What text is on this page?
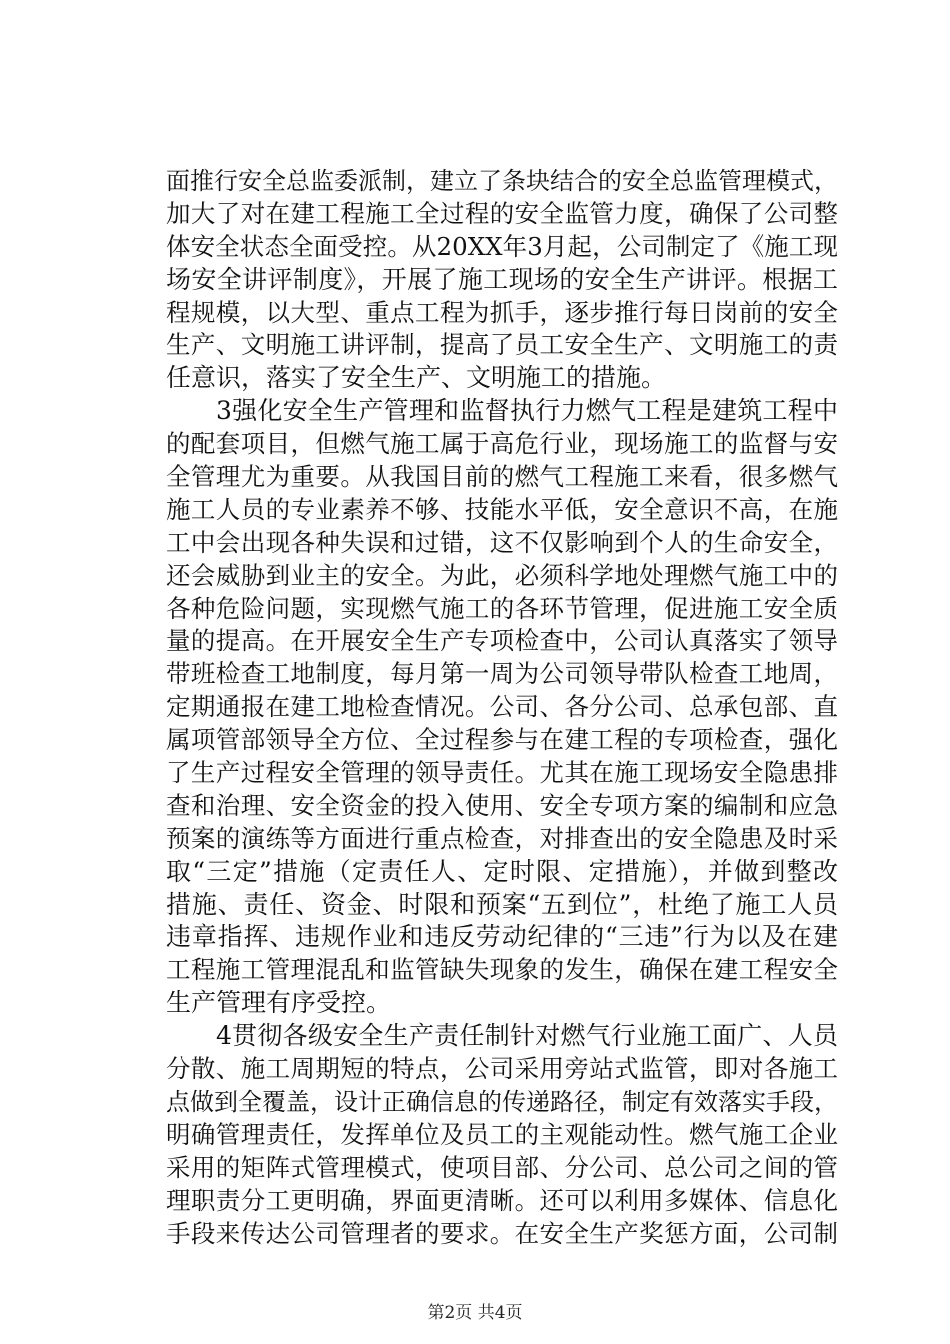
面推行安全总监委派制，建立了条块结合的安全总监管理模式，
加大了对在建工程施工全过程的安全监管力度，确保了公司整
体安全状态全面受控。从20XX年3月起，公司制定了《施工现
场安全讲评制度》，开展了施工现场的安全生产讲评。根据工
程规模，以大型、重点工程为抓手，逐步推行每日岗前的安全
生产、文明施工讲评制，提高了员工安全生产、文明施工的责
任意识，落实了安全生产、文明施工的措施。
3强化安全生产管理和监督执行力燃气工程是建筑工程中
的配套项目，但燃气施工属于高危行业，现场施工的监督与安
全管理尤为重要。从我国目前的燃气工程施工来看，很多燃气
施工人员的专业素养不够、技能水平低，安全意识不高，在施
工中会出现各种失误和过错，这不仅影响到个人的生命安全，
还会威胁到业主的安全。为此，必须科学地处理燃气施工中的
各种危险问题，实现燃气施工的各环节管理，促进施工安全质
量的提高。在开展安全生产专项检查中，公司认真落实了领导
带班检查工地制度，每月第一周为公司领导带队检查工地周，
定期通报在建工地检查情况。公司、各分公司、总承包部、直
属项管部领导全方位、全过程参与在建工程的专项检查，强化
了生产过程安全管理的领导责任。尤其在施工现场安全隐患排
查和治理、安全资金的投入使用、安全专项方案的编制和应急
预案的演练等方面进行重点检查，对排查出的安全隐患及时采
取“三定”措施（定责任人、定时限、定措施），并做到整改
措施、责任、资金、时限和预案“五到位”，杜绝了施工人员
违章指挥、违规作业和违反劳动纪律的“三违”行为以及在建
工程施工管理混乱和监管缺失现象的发生，确保在建工程安全
生产管理有序受控。
4贯彻各级安全生产责任制针对燃气行业施工面广、人员
分散、施工周期短的特点，公司采用旁站式监管，即对各施工
点做到全覆盖，设计正确信息的传递路径，制定有效落实手段，
明确管理责任，发挥单位及员工的主观能动性。燃气施工企业
采用的矩阵式管理模式，使项目部、分公司、总公司之间的管
理职责分工更明确，界面更清晰。还可以利用多媒体、信息化
手段来传达公司管理者的要求。在安全生产奖惩方面，公司制
第2页 共4页
